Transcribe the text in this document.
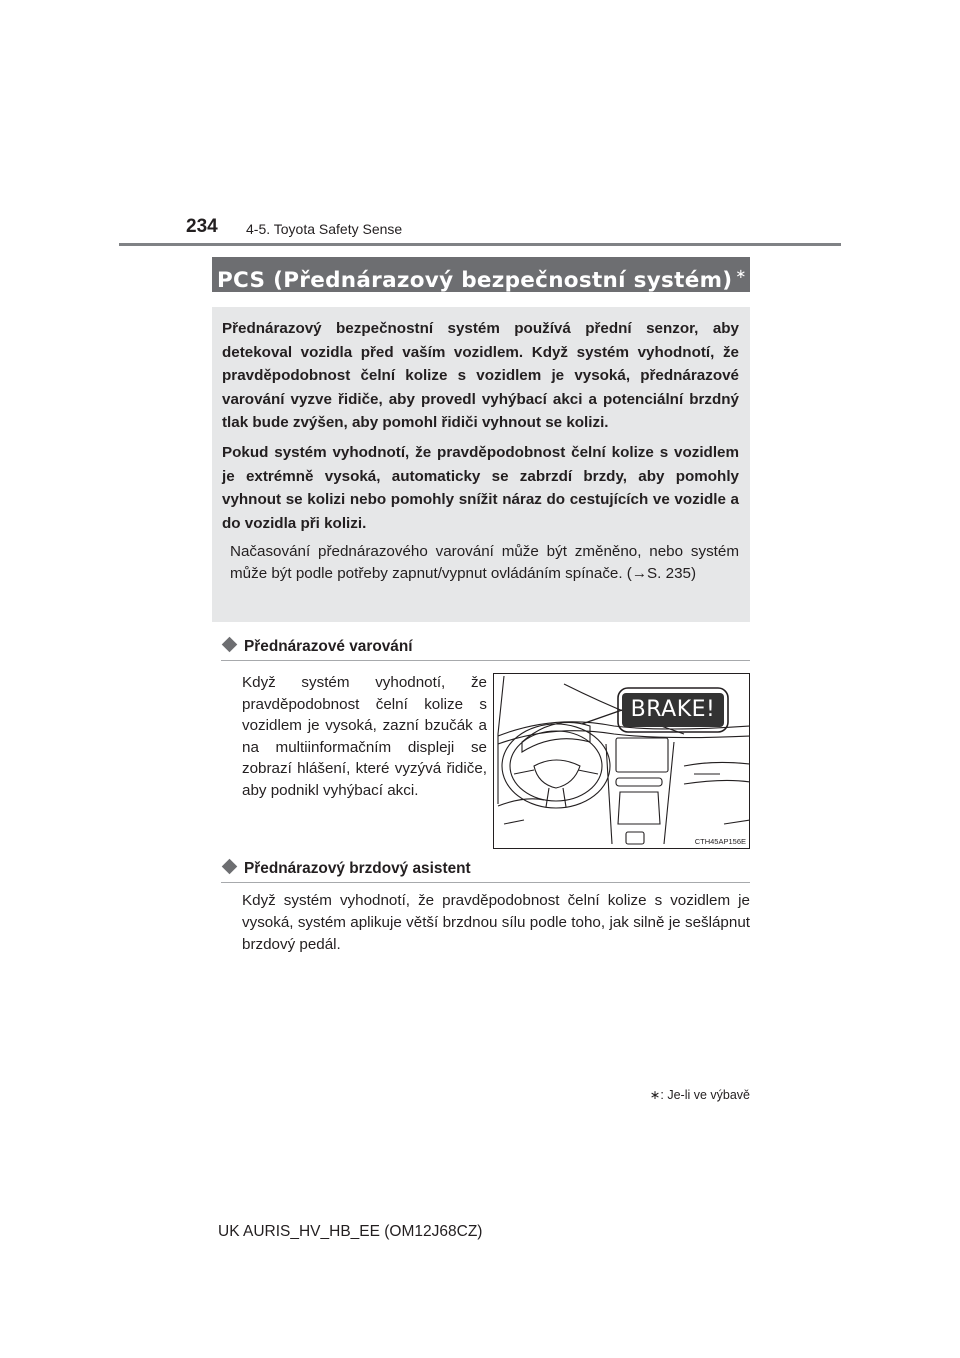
234 4-5. Toyota Safety Sense
PCS (Přednárazový bezpečnostní systém) ∗

Přednárazový bezpečnostní systém používá přední senzor, aby detekoval vozidla před vaším vozidlem. Když systém vyhodnotí, že pravděpodobnost čelní kolize s vozidlem je vysoká, přednárazové varování vyzve řidiče, aby provedl vyhýbací akci a potenciální brzdný tlak bude zvýšen, aby pomohl řidiči vyhnout se kolizi.

Pokud systém vyhodnotí, že pravděpodobnost čelní kolize s vozidlem je extrémně vysoká, automaticky se zabrzdí brzdy, aby pomohly vyhnout se kolizi nebo pomohly snížit náraz do cestujících ve vozidle a do vozidla při kolizi.

Načasování přednárazového varování může být změněno, nebo systém může být podle potřeby zapnut/vypnut ovládáním spínače. (→S. 235)

Přednárazové varování
Když systém vyhodnotí, že pravděpodobnost čelní kolize s vozidlem je vysoká, zazní bzučák a na multiinformačním displeji se zobrazí hlášení, které vyzývá řidiče, aby podnikl vyhýbací akci.
BRAKE!
CTH45AP156E
Přednárazový brzdový asistent
Když systém vyhodnotí, že pravděpodobnost čelní kolize s vozidlem je vysoká, systém aplikuje větší brzdnou sílu podle toho, jak silně je sešlápnut brzdový pedál.
∗: Je-li ve výbavě
UK AURIS_HV_HB_EE (OM12J68CZ)
